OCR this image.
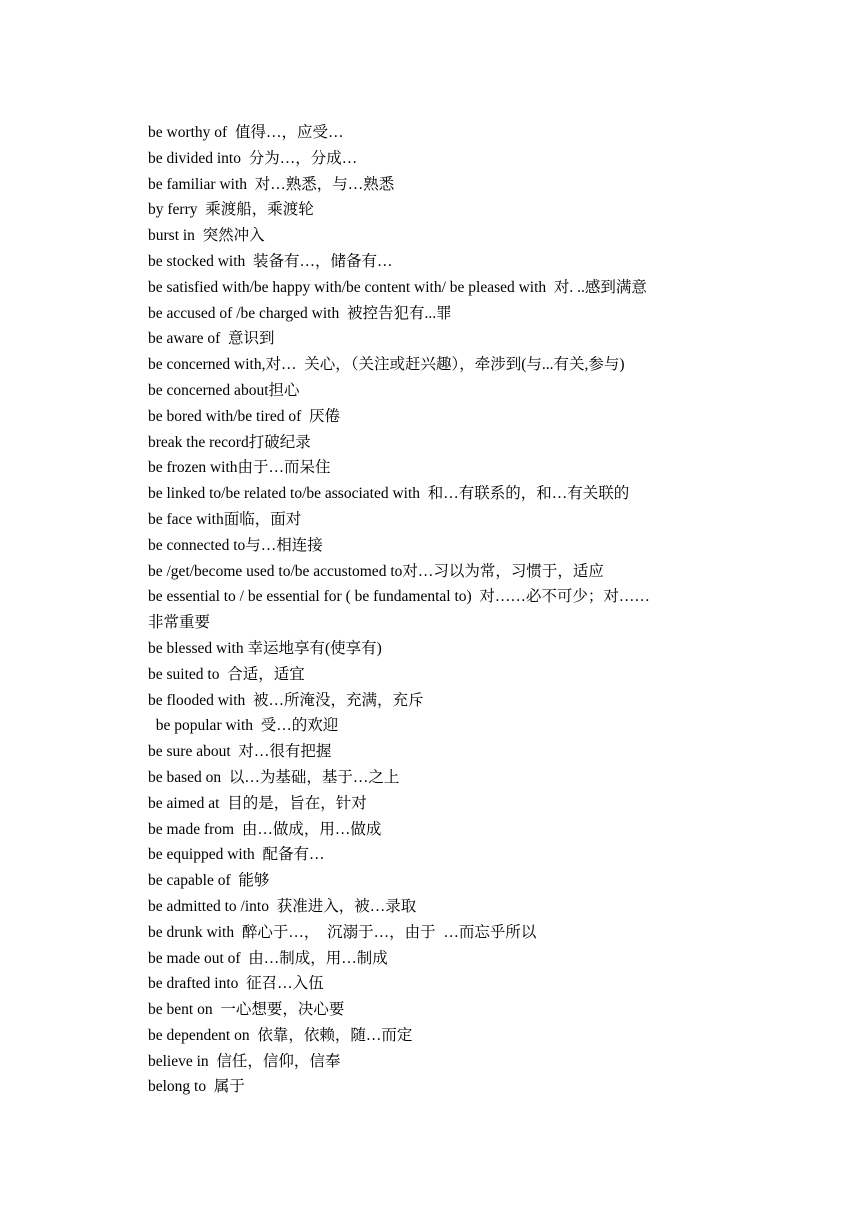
be worthy of  值得…，应受…

be divided into  分为…，分成…

be familiar with  对…熟悉，与…熟悉

by ferry  乘渡船，乘渡轮

burst in  突然冲入

be stocked with  装备有…，储备有…

be satisfied with/be happy with/be content with/ be pleased with  对. ..感到满意

be accused of /be charged with  被控告犯有...罪

be aware of  意识到

be concerned with,对…  关心，（关注或赶兴趣），牵涉到(与...有关,参与)

be concerned about担心

be bored with/be tired of  厌倦

break the record打破纪录

be frozen with由于…而呆住

be linked to/be related to/be associated with  和…有联系的，和…有关联的

be face with面临，面对

be connected to与…相连接

be /get/become used to/be accustomed to对…习以为常，习惯于，适应

be essential to / be essential for ( be fundamental to)  对……必不可少；对……

非常重要

be blessed with 幸运地享有(使享有)

be suited to  合适，适宜

be flooded with  被…所淹没，充满，充斥

be popular with  受…的欢迎

be sure about  对…很有把握

be based on  以…为基础，基于…之上

be aimed at  目的是，旨在，针对

be made from  由…做成，用…做成

be equipped with  配备有…

be capable of  能够

be admitted to /into  获准进入，被…录取

be drunk with  醉心于…，  沉溺于…，由于  …而忘乎所以

be made out of  由…制成，用…制成

be drafted into  征召…入伍

be bent on  一心想要，决心要

be dependent on  依靠，依赖，随…而定

believe in  信任，信仰，信奉

belong to  属于
